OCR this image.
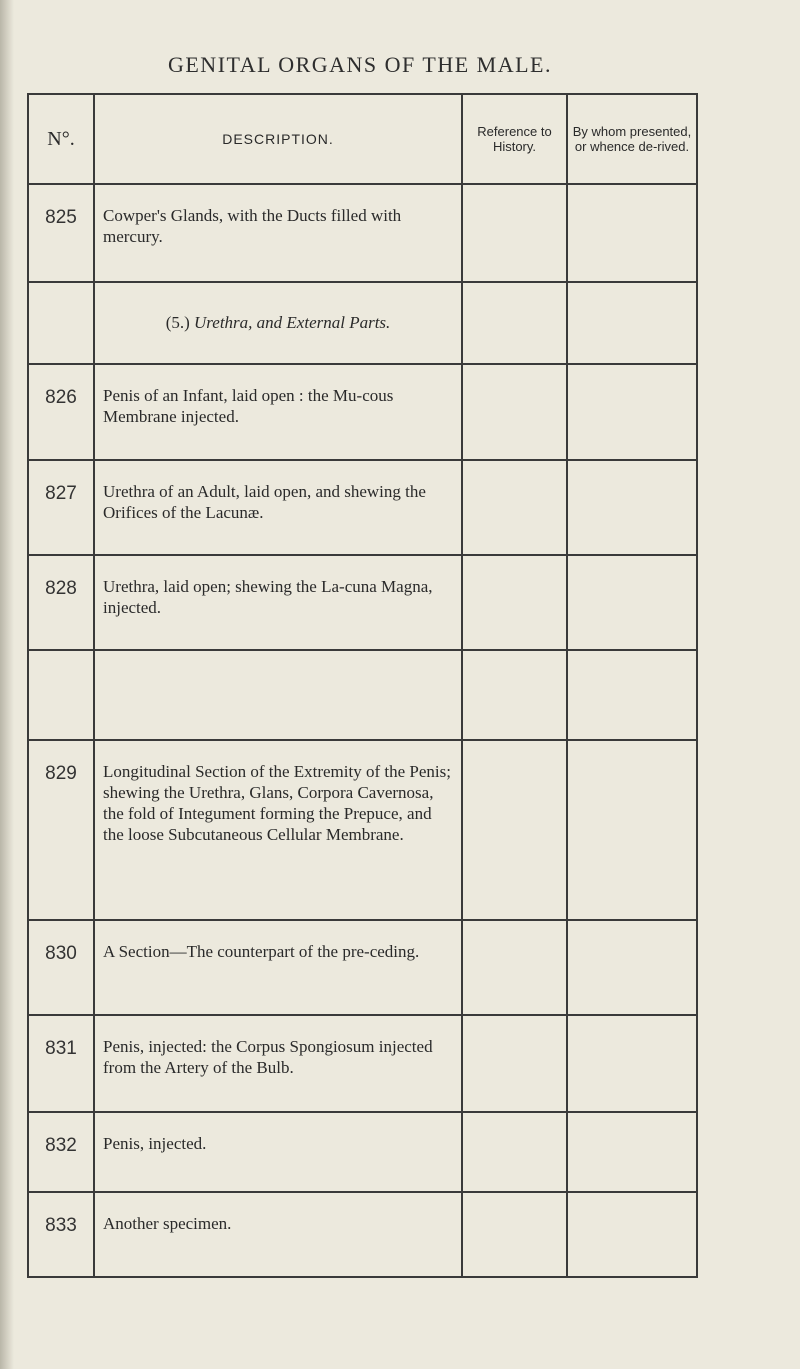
GENITAL ORGANS OF THE MALE.
N°.	DESCRIPTION.	Reference to History.	By whom presented, or whence de-rived.
825	Cowper's Glands, with the Ducts filled with mercury.		
	(5.) Urethra, and External Parts.		
826	Penis of an Infant, laid open : the Mu-cous Membrane injected.		
827	Urethra of an Adult, laid open, and shewing the Orifices of the Lacunæ.		
828	Urethra, laid open; shewing the La-cuna Magna, injected.		

829	Longitudinal Section of the Extremity of the Penis; shewing the Urethra, Glans, Corpora Cavernosa, the fold of Integument forming the Prepuce, and the loose Subcutaneous Cellular Membrane.		
830	A Section—The counterpart of the pre-ceding.		
831	Penis, injected: the Corpus Spongiosum injected from the Artery of the Bulb.		
832	Penis, injected.		
833	Another specimen.		
